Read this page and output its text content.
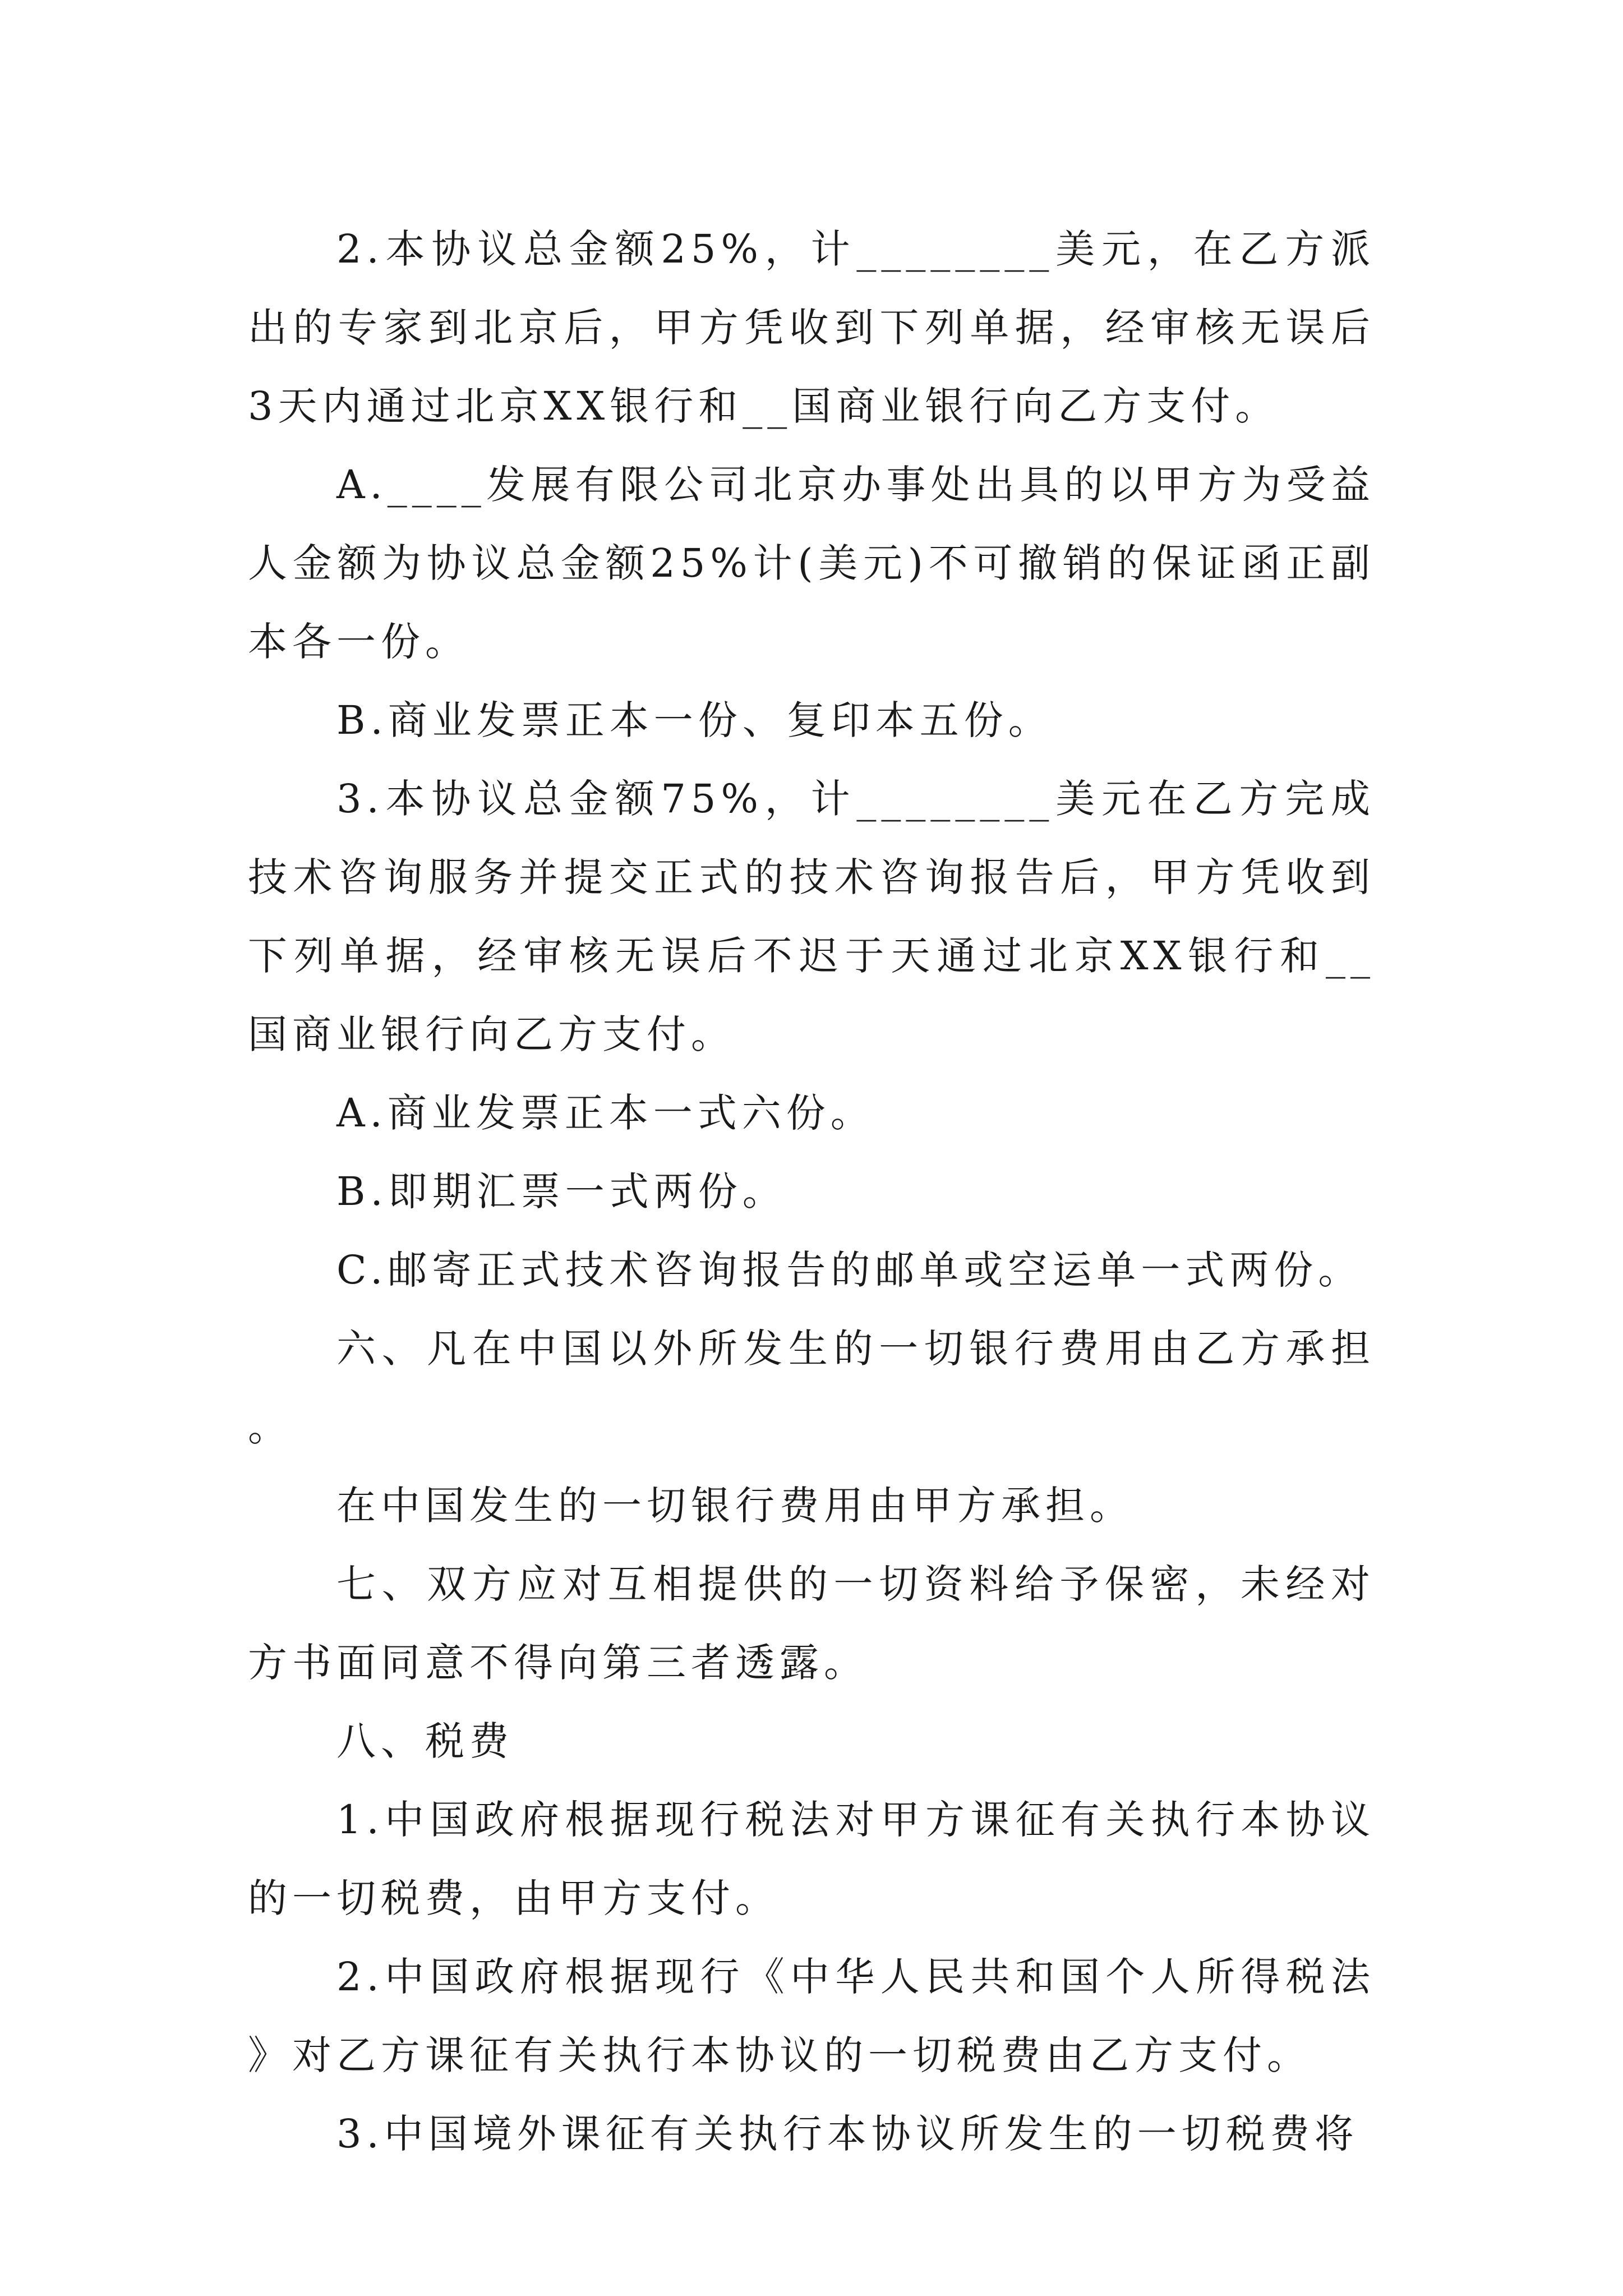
2.本协议总金额25%，计________美元，在乙方派出的专家到北京后，甲方凭收到下列单据，经审核无误后3天内通过北京XX银行和__国商业银行向乙方支付。

A.____发展有限公司北京办事处出具的以甲方为受益人金额为协议总金额25%计(美元)不可撤销的保证函正副本各一份。

B.商业发票正本一份、复印本五份。

3.本协议总金额75%，计________美元在乙方完成技术咨询服务并提交正式的技术咨询报告后，甲方凭收到下列单据，经审核无误后不迟于天通过北京XX银行和__国商业银行向乙方支付。

A.商业发票正本一式六份。

B.即期汇票一式两份。

C.邮寄正式技术咨询报告的邮单或空运单一式两份。

六、凡在中国以外所发生的一切银行费用由乙方承担。

在中国发生的一切银行费用由甲方承担。

七、双方应对互相提供的一切资料给予保密，未经对方书面同意不得向第三者透露。

八、税费

1.中国政府根据现行税法对甲方课征有关执行本协议的一切税费，由甲方支付。

2.中国政府根据现行《中华人民共和国个人所得税法》对乙方课征有关执行本协议的一切税费由乙方支付。

3.中国境外课征有关执行本协议所发生的一切税费将
